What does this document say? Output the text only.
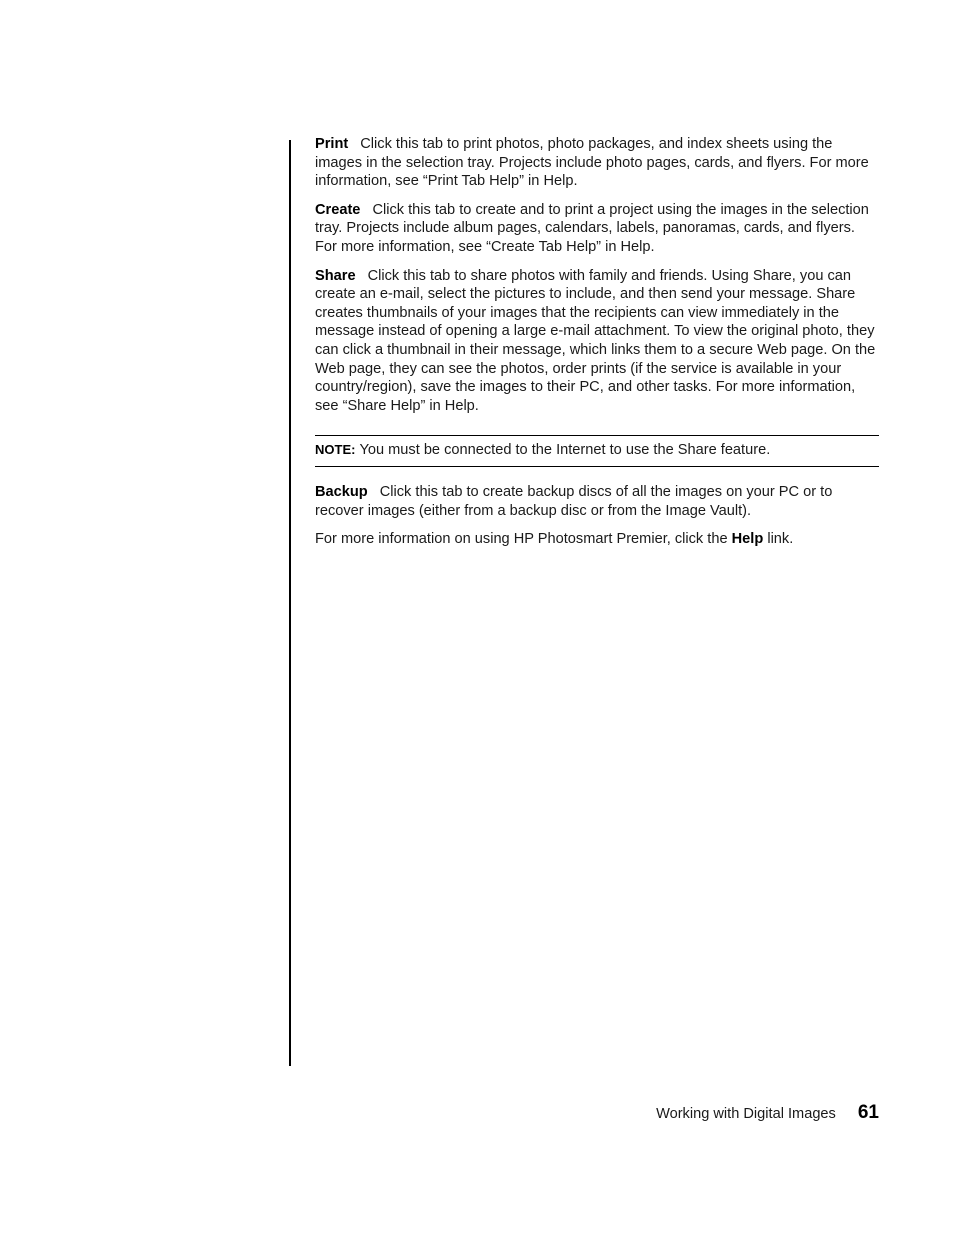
Print Click this tab to print photos, photo packages, and index sheets using the images in the selection tray. Projects include photo pages, cards, and flyers. For more information, see “Print Tab Help” in Help.

Create Click this tab to create and to print a project using the images in the selection tray. Projects include album pages, calendars, labels, panoramas, cards, and flyers. For more information, see “Create Tab Help” in Help.

Share Click this tab to share photos with family and friends. Using Share, you can create an e-mail, select the pictures to include, and then send your message. Share creates thumbnails of your images that the recipients can view immediately in the message instead of opening a large e-mail attachment. To view the original photo, they can click a thumbnail in their message, which links them to a secure Web page. On the Web page, they can see the photos, order prints (if the service is available in your country/region), save the images to their PC, and other tasks. For more information, see “Share Help” in Help.

NOTE: You must be connected to the Internet to use the Share feature.

Backup Click this tab to create backup discs of all the images on your PC or to recover images (either from a backup disc or from the Image Vault).

For more information on using HP Photosmart Premier, click the Help link.

Working with Digital Images 61
